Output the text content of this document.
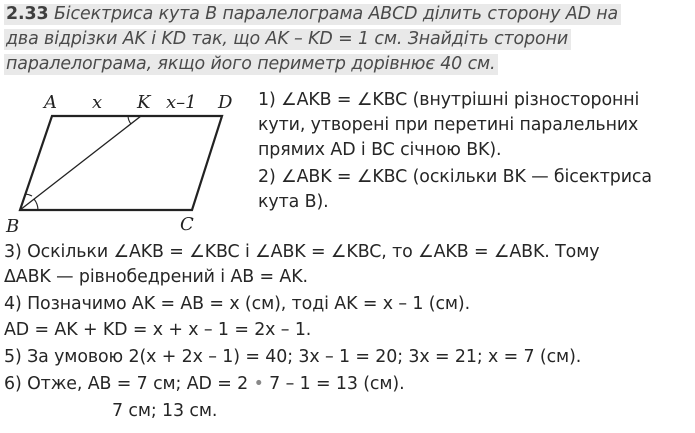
2.33 Бісектриса кута B паралелограма ABCD ділить сторону AD на
два відрізки AK і KD так, що AK – KD = 1 см. Знайдіть сторони
паралелограма, якщо його периметр дорівнює 40 см.
A x K x–1 D
B	C
1) ∠AKB = ∠KBC (внутрішні різносторонні
кути, утворені при перетині паралельних
прямих AD і BC січною BK).
2) ∠ABK = ∠KBC (оскільки BK — бісектриса
кута B).
3) Оскільки ∠AKB = ∠KBC і ∠ABK = ∠KBC, то ∠AKB = ∠ABK. Тому
ΔABK — рівнобедрений і AB = AK.
4) Позначимо AK = AB = x (см), тоді AK = x – 1 (см).
AD = AK + KD = x + x – 1 = 2x – 1.
5) За умовою 2(x + 2x – 1) = 40; 3x – 1 = 20; 3x = 21; x = 7 (см).
6) Отже, AB = 7 см; AD = 2 • 7 – 1 = 13 (см).
7 см; 13 см.
